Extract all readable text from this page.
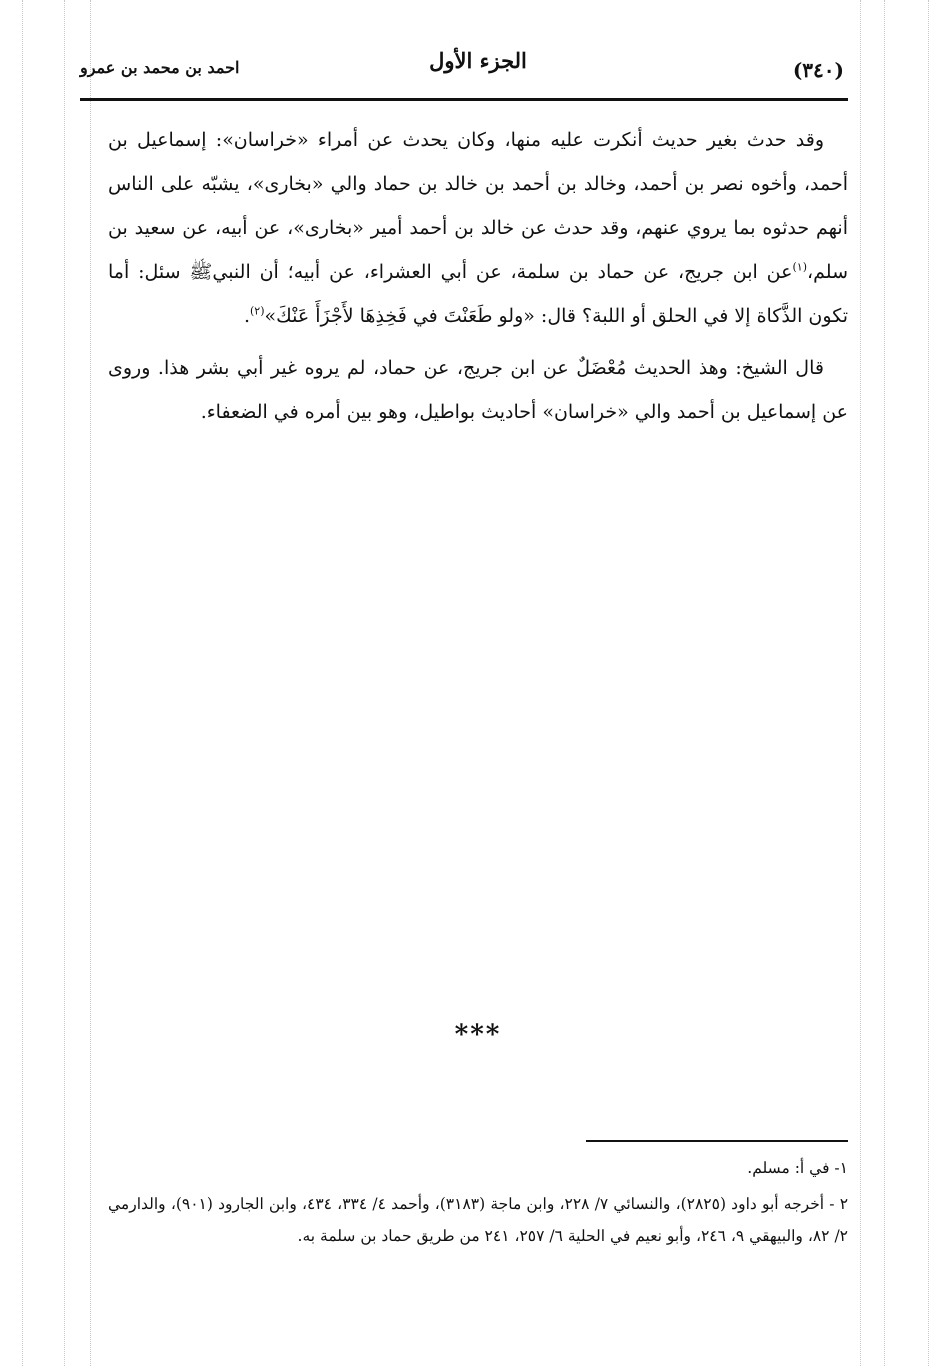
احمد بن محمد بن عمرو	الجزء الأول	(٣٤٠)

وقد حدث بغير حديث أنكرت عليه منها، وكان يحدث عن أمراء «خراسان»: إسماعيل بن أحمد، وأخوه نصر بن أحمد، وخالد بن أحمد بن خالد بن حماد والي «بخارى»، يشبّه على الناس أنهم حدثوه بما يروي عنهم، وقد حدث عن خالد بن أحمد أمير «بخارى»، عن أبيه، عن سعيد بن سلم،$^{(١)}$عن ابن جريج، عن حماد بن سلمة، عن أبي العشراء، عن أبيه؛ أن النبيﷺ سئل: أما تكون الذَّكاة إلا في الحلق أو اللبة؟ قال: «ولو طَعَنْتَ في فَخِذِهَا لأَجْزَأَ عَنْكَ»$^{(٢)}$.

قال الشيخ: وهذ الحديث مُعْضَلٌ عن ابن جريج، عن حماد، لم يروه غير أبي بشر هذا. وروى عن إسماعيل بن أحمد والي «خراسان» أحاديث بواطيل، وهو بين أمره في الضعفاء.

***

١- في أ: مسلم.

٢ - أخرجه أبو داود (٢٨٢٥)، والنسائي ٧/ ٢٢٨، وابن ماجة (٣١٨٣)، وأحمد ٤/ ٣٣٤، ٤٣٤، وابن الجارود (٩٠١)، والدارمي ٢/ ٨٢، والبيهقي ٩، ٢٤٦، وأبو نعيم في الحلية ٦/ ٢٥٧، ٢٤١ من طريق حماد بن سلمة به.
